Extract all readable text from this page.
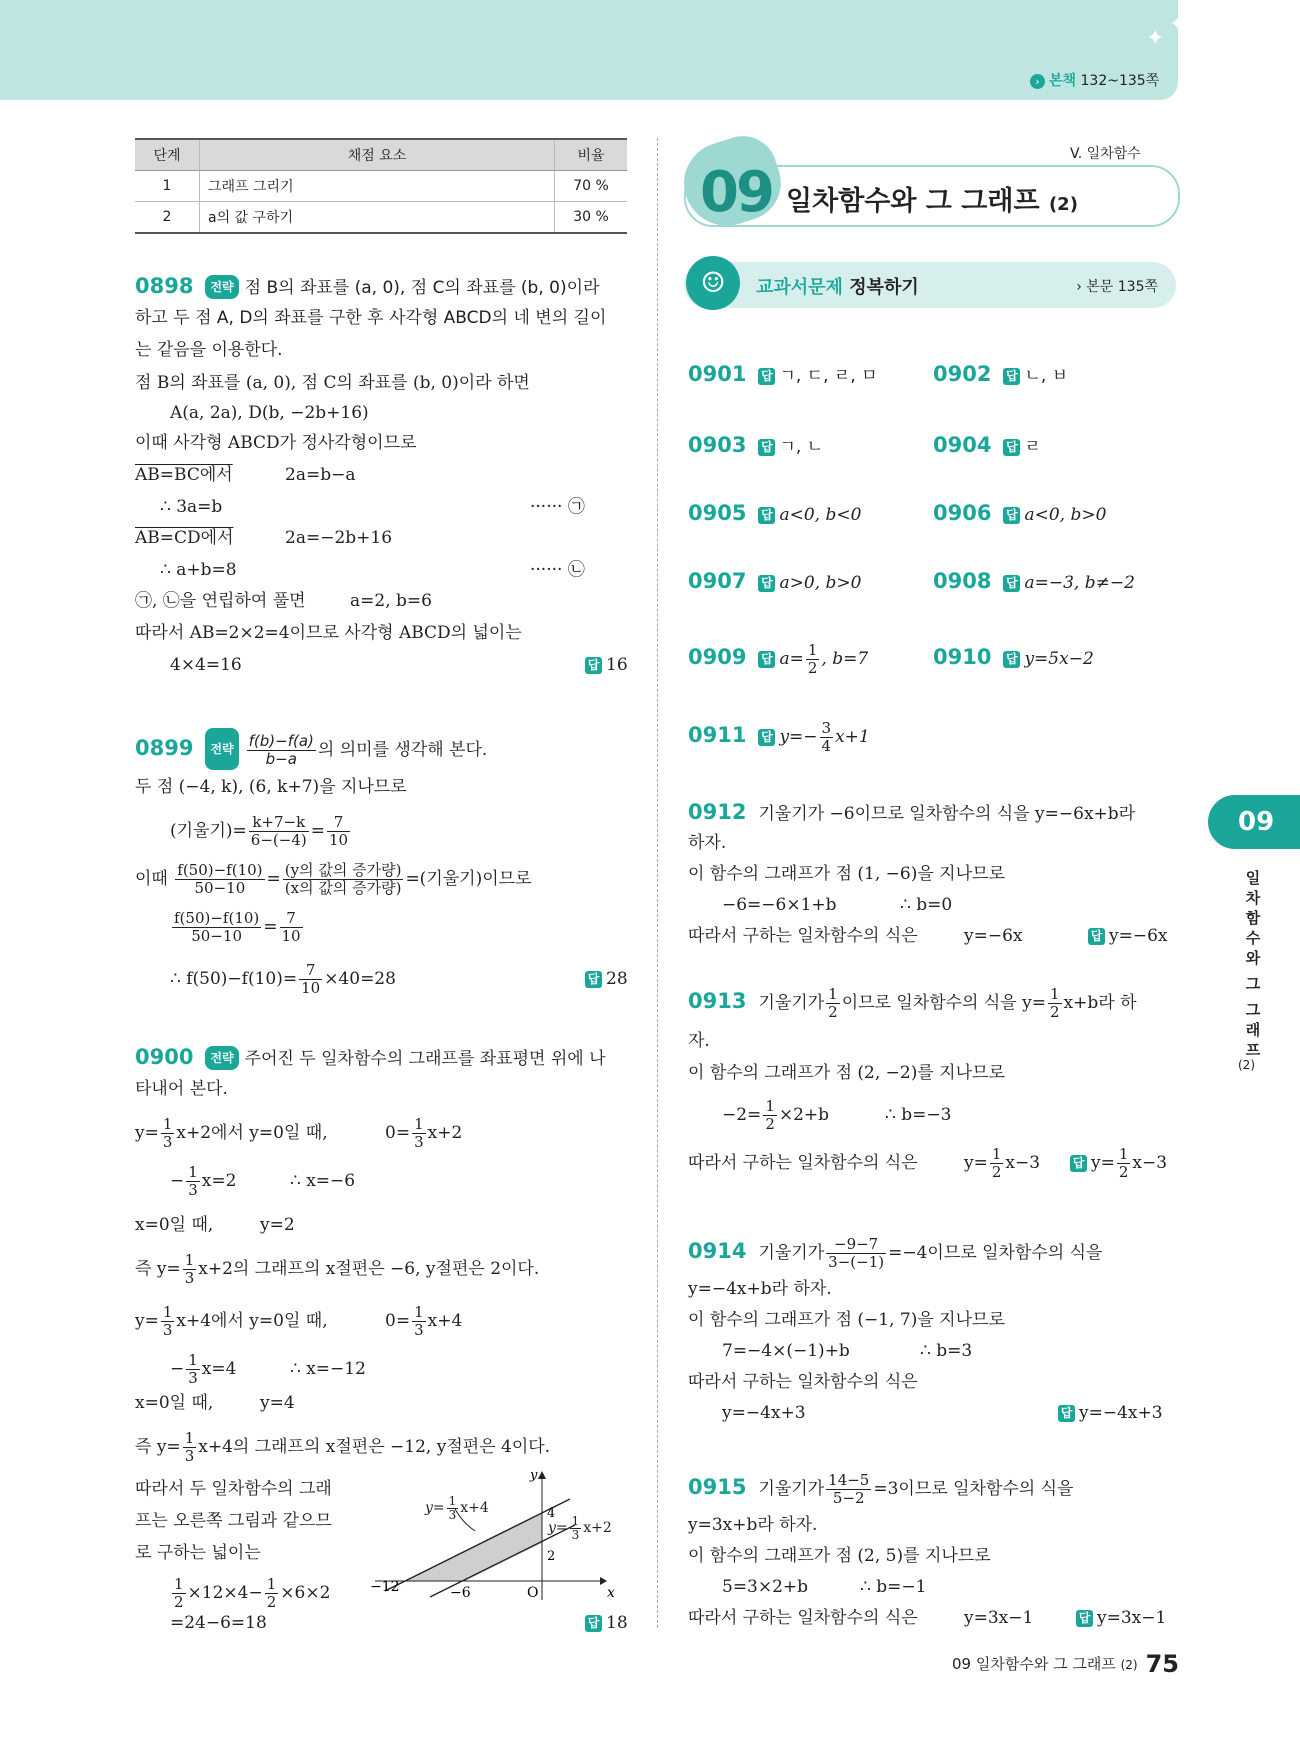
✦
✦
› 본책 132~135쪽
단계	채점 요소	비율
1	그래프 그리기	70 %
2	a의 값 구하기	30 %
0898 전략 점 B의 좌표를 (a, 0), 점 C의 좌표를 (b, 0)이라
하고 두 점 A, D의 좌표를 구한 후 사각형 ABCD의 네 변의 길이
는 같음을 이용한다.
점 B의 좌표를 (a, 0), 점 C의 좌표를 (b, 0)이라 하면
A(a, 2a), D(b, −2b+16)
이때 사각형 ABCD가 정사각형이므로
AB=BC에서	2a=b−a
∴ 3a=b	······ ㉠
AB=CD에서	2a=−2b+16
∴ a+b=8	······ ㉡
㉠, ㉡을 연립하여 풀면	a=2, b=6
따라서 AB=2×2=4이므로 사각형 ABCD의 넓이는
4×4=16	답 16
0899 전략 $\frac{f(b)-f(a)}{b-a}$ 의 의미를 생각해 본다.
두 점 (−4, k), (6, k+7)을 지나므로
(기울기)= $\frac{k+7-k}{6-(-4)} = \frac{7}{10}$
이때 $\frac{f(50)-f(10)}{50-10} = \frac{\text{(y의 값의 증가량)}}{\text{(x의 값의 증가량)}}$ =(기울기)이므로
$\frac{f(50)-f(10)}{50-10} = \frac{7}{10}$
∴ $f(50)-f(10)= \frac{7}{10} \times 40=28$	답 28
0900 전략 주어진 두 일차함수의 그래프를 좌표평면 위에 나
타내어 본다.
$y= \frac{1}{3} x+2$에서 y=0일 때,	$0= \frac{1}{3} x+2$
− $\frac{1}{3} x=2$	∴ x=−6
x=0일 때,	y=2
즉 $y= \frac{1}{3} x+2$의 그래프의 x절편은 −6, y절편은 2이다.
$y= \frac{1}{3} x+4$에서 y=0일 때,	$0= \frac{1}{3} x+4$
− $\frac{1}{3} x=4$	∴ x=−12
x=0일 때,	y=4
즉 $y= \frac{1}{3} x+4$의 그래프의 x절편은 −12, y절편은 4이다.
따라서 두 일차함수의 그래
프는 오른쪽 그림과 같으므
로 구하는 넓이는
$\frac{1}{2} \times 12\times 4- \frac{1}{2} \times 6\times 2$
=24−6=18	답 18
−12	−6	O
4
2
x
y
$y= \frac{1}{3} x+4$
$y= \frac{1}{3} x+2$
V. 일차함수
일차함수와 그 그래프 (2)
09
✦
✦
☺	교과서문제 정복하기	› 본문 135쪽
0901 답 ㄱ, ㄷ, ㄹ, ㅁ	0902 답 ㄴ, ㅂ
0903 답 ㄱ, ㄴ	0904 답 ㄹ
0905 답 a<0, b<0	0906 답 a<0, b>0
0907 답 a>0, b>0	0908 답 a=−3, b≠−2
0909 답 $a= \frac{1}{2}$ , b=7	0910 답 y=5x−2
0911 답 $y=- \frac{3}{4} x+1$
0912 기울기가 −6이므로 일차함수의 식을 y=−6x+b라
하자.
이 함수의 그래프가 점 (1, −6)을 지나므로
−6=−6×1+b	∴ b=0
따라서 구하는 일차함수의 식은	y=−6x	답 y=−6x
0913 기울기가 $\frac{1}{2}$ 이므로 일차함수의 식을 $y= \frac{1}{2} x+b$라 하
자.
이 함수의 그래프가 점 (2, −2)를 지나므로
$-2= \frac{1}{2} \times 2+b$	∴ b=−3
따라서 구하는 일차함수의 식은	$y= \frac{1}{2} x-3$	답 $y= \frac{1}{2} x-3$
0914 기울기가 $\frac{-9-7}{3-(-1)} =-4$이므로 일차함수의 식을
y=−4x+b라 하자.
이 함수의 그래프가 점 (−1, 7)을 지나므로
7=−4×(−1)+b	∴ b=3
따라서 구하는 일차함수의 식은
y=−4x+3	답 y=−4x+3
0915 기울기가 $\frac{14-5}{5-2} =3$이므로 일차함수의 식을
y=3x+b라 하자.
이 함수의 그래프가 점 (2, 5)를 지나므로
5=3×2+b	∴ b=−1
따라서 구하는 일차함수의 식은	y=3x−1	답 y=3x−1
09
일
차
함
수
와
그
그
래
프
(2)
09 일차함수와 그 그래프 (2) 75
